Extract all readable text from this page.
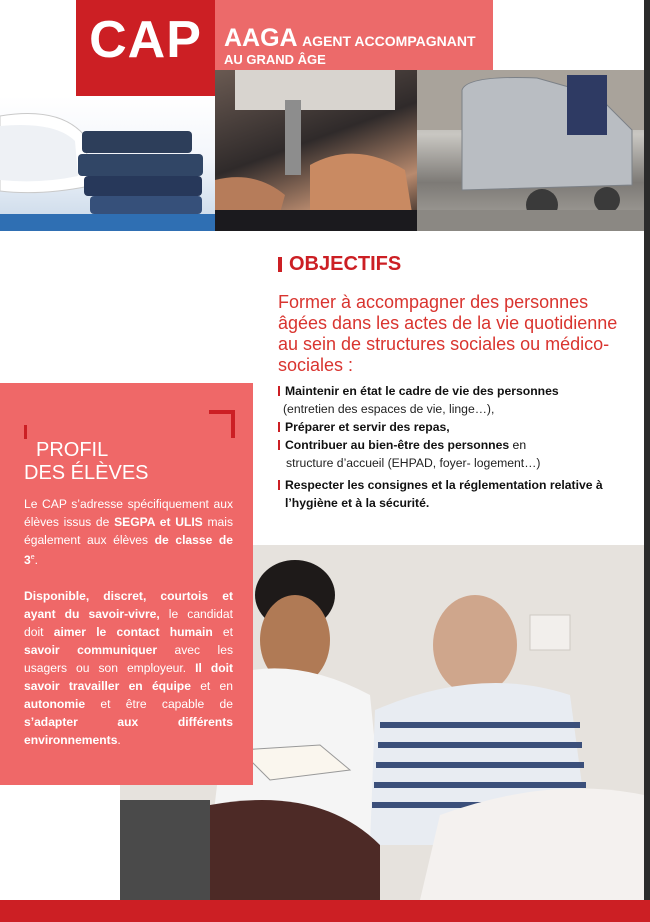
CAP AAGA AGENT ACCOMPAGNANT
AU GRAND ÂGE
OBJECTIFS
Former à accompagner des personnes âgées dans les actes de la vie quotidienne au sein de structures sociales ou médico-sociales :
Maintenir en état le cadre de vie des personnes
(entretien des espaces de vie, linge…),
Préparer et servir des repas,
Contribuer au bien-être des personnes en
structure d’accueil (EHPAD, foyer- logement…)
Respecter les consignes et la réglementation relative à l’hygiène et à la sécurité.
PROFIL
DES ÉLÈVES

Le CAP s’adresse spécifiquement aux élèves issus de SEGPA et ULIS mais également aux élèves de classe de 3e.

Disponible, discret, courtois et ayant du savoir-vivre, le candidat doit aimer le contact humain et savoir communiquer avec les usagers ou son employeur. Il doit savoir travailler en équipe et en autonomie et être capable de s’adapter aux différents environnements.
